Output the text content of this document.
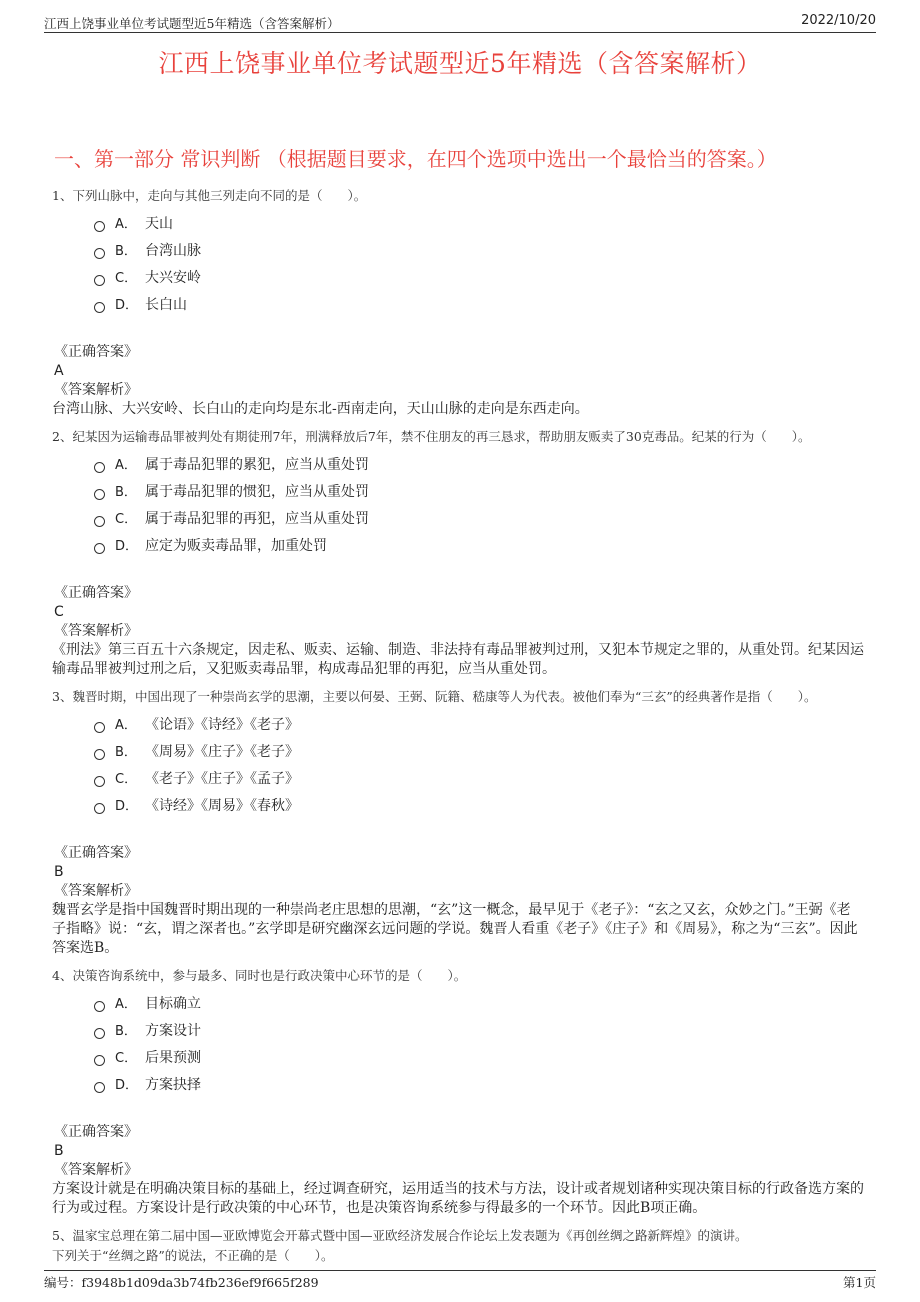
江西上饶事业单位考试题型近5年精选（含答案解析）	2022/10/20
江西上饶事业单位考试题型近5年精选（含答案解析）
一、第一部分 常识判断 （根据题目要求，在四个选项中选出一个最恰当的答案。）

1、下列山脉中，走向与其他三列走向不同的是（　　）。

A． 天山
B． 台湾山脉
C． 大兴安岭
D． 长白山
《正确答案》
A
《答案解析》

台湾山脉、大兴安岭、长白山的走向均是东北-西南走向，天山山脉的走向是东西走向。

2、纪某因为运输毒品罪被判处有期徒刑7年，刑满释放后7年，禁不住朋友的再三恳求，帮助朋友贩卖了30克毒品。纪某的行为（　　）。

A． 属于毒品犯罪的累犯，应当从重处罚
B． 属于毒品犯罪的惯犯，应当从重处罚
C． 属于毒品犯罪的再犯，应当从重处罚
D． 应定为贩卖毒品罪，加重处罚
《正确答案》
C
《答案解析》

《刑法》第三百五十六条规定，因走私、贩卖、运输、制造、非法持有毒品罪被判过刑，又犯本节规定之罪的，从重处罚。纪某因运输毒品罪被判过刑之后，又犯贩卖毒品罪，构成毒品犯罪的再犯，应当从重处罚。

3、魏晋时期，中国出现了一种崇尚玄学的思潮，主要以何晏、王弼、阮籍、嵇康等人为代表。被他们奉为“三玄”的经典著作是指（　　）。

A． 《论语》《诗经》《老子》
B． 《周易》《庄子》《老子》
C． 《老子》《庄子》《孟子》
D． 《诗经》《周易》《春秋》
《正确答案》
B
《答案解析》

魏晋玄学是指中国魏晋时期出现的一种崇尚老庄思想的思潮，“玄”这一概念，最早见于《老子》：“玄之又玄，众妙之门。”王弼《老子指略》说：“玄，谓之深者也。”玄学即是研究幽深玄远问题的学说。魏晋人看重《老子》《庄子》和《周易》，称之为“三玄”。因此答案选B。

4、决策咨询系统中，参与最多、同时也是行政决策中心环节的是（　　）。

A． 目标确立
B． 方案设计
C． 后果预测
D． 方案抉择
《正确答案》
B
《答案解析》

方案设计就是在明确决策目标的基础上，经过调查研究，运用适当的技术与方法，设计或者规划诸种实现决策目标的行政备选方案的行为或过程。方案设计是行政决策的中心环节，也是决策咨询系统参与得最多的一个环节。因此B项正确。

5、温家宝总理在第二届中国—亚欧博览会开幕式暨中国—亚欧经济发展合作论坛上发表题为《再创丝绸之路新辉煌》的演讲。

下列关于“丝绸之路”的说法，不正确的是（　　）。

编号：f3948b1d09da3b74fb236ef9f665f289	第1页
